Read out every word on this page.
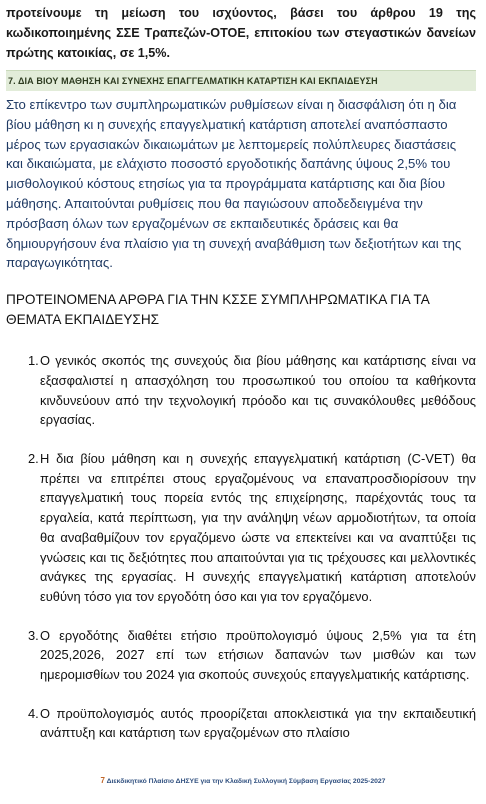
προτείνουμε τη μείωση του ισχύοντος, βάσει του άρθρου 19 της κωδικοποιημένης ΣΣΕ Τραπεζών-ΟΤΟΕ, επιτοκίου των στεγαστικών δανείων πρώτης κατοικίας, σε 1,5%.

7. ΔΙΑ ΒΙΟΥ ΜΑΘΗΣΗ ΚΑΙ ΣΥΝΕΧΗΣ ΕΠΑΓΓΕΛΜΑΤΙΚΗ ΚΑΤΑΡΤΙΣΗ ΚΑΙ ΕΚΠΑΙΔΕΥΣΗ

Στο επίκεντρο των συμπληρωματικών ρυθμίσεων είναι η διασφάλιση ότι η δια βίου μάθηση κι η συνεχής επαγγελματική κατάρτιση αποτελεί αναπόσπαστο μέρος των εργασιακών δικαιωμάτων με λεπτομερείς πολύπλευρες διαστάσεις και δικαιώματα, με ελάχιστο ποσοστό εργοδοτικής δαπάνης ύψους 2,5% του μισθολογικού κόστους ετησίως για τα προγράμματα κατάρτισης και δια βίου μάθησης. Απαιτούνται ρυθμίσεις που θα παγιώσουν αποδεδειγμένα την πρόσβαση όλων των εργαζομένων σε εκπαιδευτικές δράσεις και θα δημιουργήσουν ένα πλαίσιο για τη συνεχή αναβάθμιση των δεξιοτήτων και της παραγωγικότητας.

ΠΡΟΤΕΙΝΟΜΕΝΑ ΑΡΘΡΑ ΓΙΑ ΤΗΝ ΚΣΣΕ ΣΥΜΠΛΗΡΩΜΑΤΙΚΑ ΓΙΑ ΤΑ ΘΕΜΑΤΑ ΕΚΠΑΙΔΕΥΣΗΣ

1. Ο γενικός σκοπός της συνεχούς δια βίου μάθησης και κατάρτισης είναι να εξασφαλιστεί η απασχόληση του προσωπικού του οποίου τα καθήκοντα κινδυνεύουν από την τεχνολογική πρόοδο και τις συνακόλουθες μεθόδους εργασίας.
2. Η δια βίου μάθηση και η συνεχής επαγγελματική κατάρτιση (C-VET) θα πρέπει να επιτρέπει στους εργαζομένους να επαναπροσδιορίσουν την επαγγελματική τους πορεία εντός της επιχείρησης, παρέχοντάς τους τα εργαλεία, κατά περίπτωση, για την ανάληψη νέων αρμοδιοτήτων, τα οποία θα αναβαθμίζουν τον εργαζόμενο ώστε να επεκτείνει και να αναπτύξει τις γνώσεις και τις δεξιότητες που απαιτούνται για τις τρέχουσες και μελλοντικές ανάγκες της εργασίας. Η συνεχής επαγγελματική κατάρτιση αποτελούν ευθύνη τόσο για τον εργοδότη όσο και για τον εργαζόμενο.
3. Ο εργοδότης διαθέτει ετήσιο προϋπολογισμό ύψους 2,5% για τα έτη 2025,2026, 2027 επί των ετήσιων δαπανών των μισθών και των ημερομισθίων του 2024 για σκοπούς συνεχούς επαγγελματικής κατάρτισης.
4. Ο προϋπολογισμός αυτός προορίζεται αποκλειστικά για την εκπαιδευτική ανάπτυξη και κατάρτιση των εργαζομένων στο πλαίσιο
7 Διεκδικητικό Πλαίσιο ΔΗΣΥΕ για την Κλαδική Συλλογική Σύμβαση Εργασίας 2025-2027
